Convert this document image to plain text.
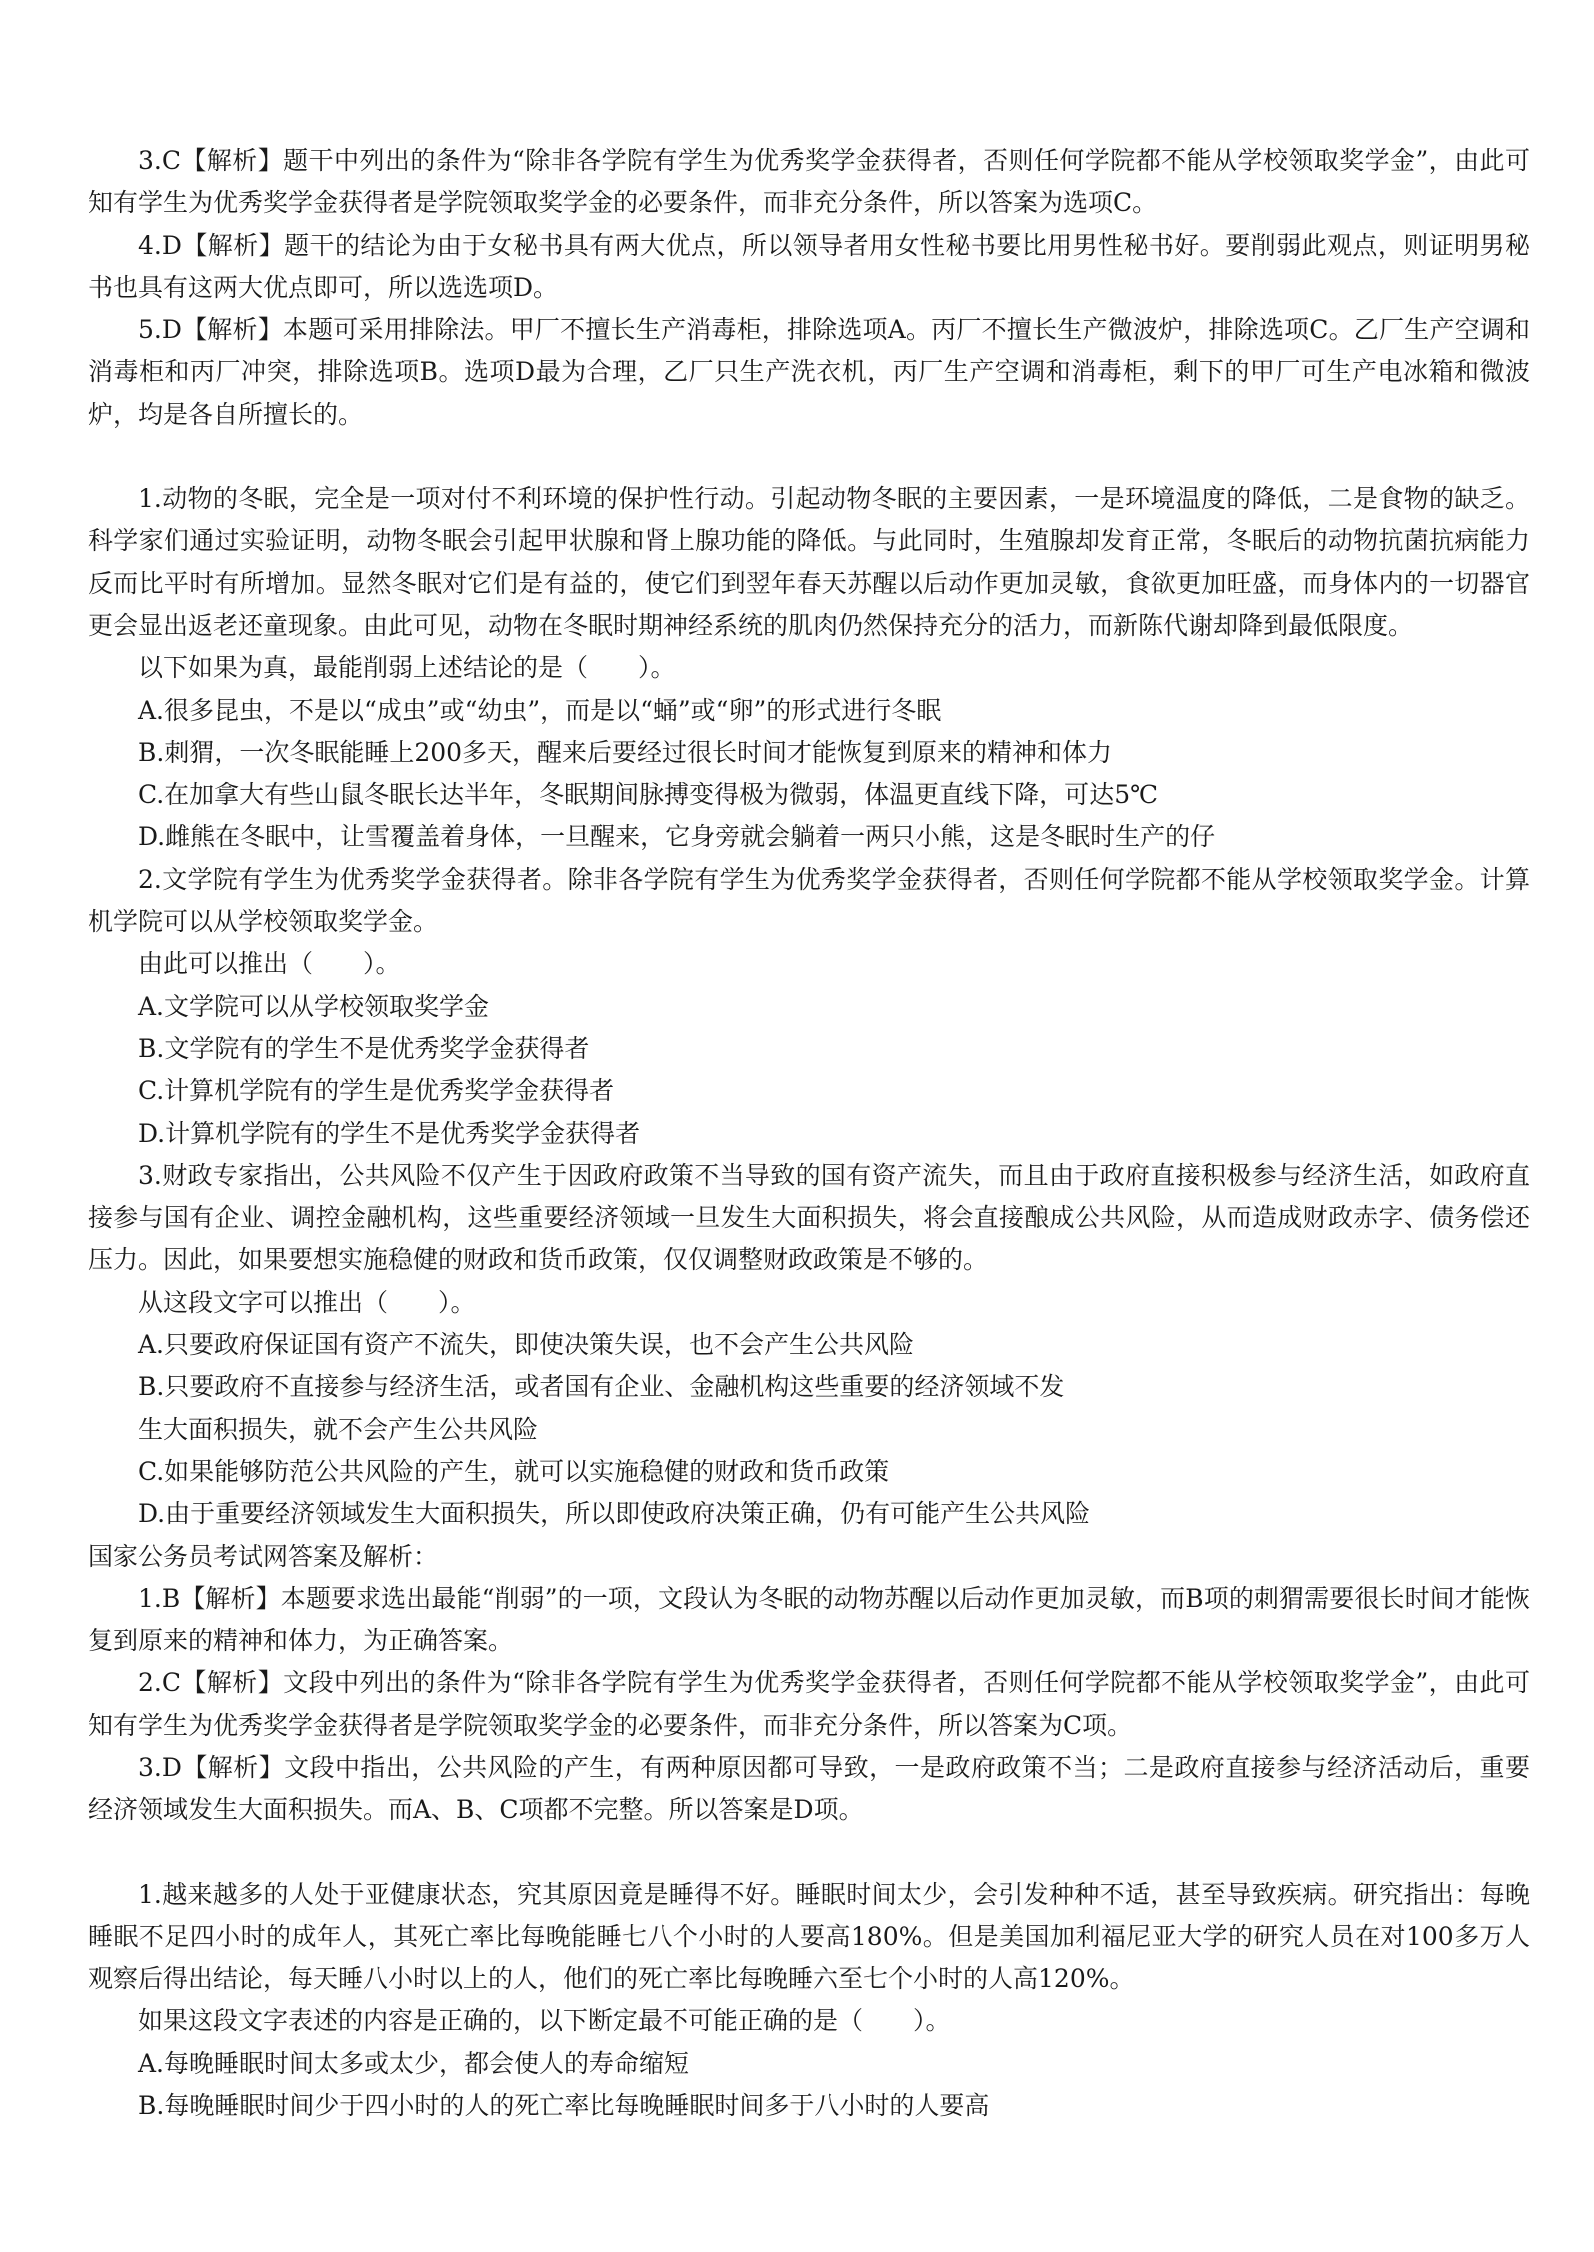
3.C【解析】题干中列出的条件为“除非各学院有学生为优秀奖学金获得者，否则任何学院都不能从学校领取奖学金”，由此可知有学生为优秀奖学金获得者是学院领取奖学金的必要条件，而非充分条件，所以答案为选项C。

4.D【解析】题干的结论为由于女秘书具有两大优点，所以领导者用女性秘书要比用男性秘书好。要削弱此观点，则证明男秘书也具有这两大优点即可，所以选选项D。

5.D【解析】本题可采用排除法。甲厂不擅长生产消毒柜，排除选项A。丙厂不擅长生产微波炉，排除选项C。乙厂生产空调和消毒柜和丙厂冲突，排除选项B。选项D最为合理，乙厂只生产洗衣机，丙厂生产空调和消毒柜，剩下的甲厂可生产电冰箱和微波炉，均是各自所擅长的。

1.动物的冬眠，完全是一项对付不利环境的保护性行动。引起动物冬眠的主要因素，一是环境温度的降低，二是食物的缺乏。科学家们通过实验证明，动物冬眠会引起甲状腺和肾上腺功能的降低。与此同时，生殖腺却发育正常，冬眠后的动物抗菌抗病能力反而比平时有所增加。显然冬眠对它们是有益的，使它们到翌年春天苏醒以后动作更加灵敏，食欲更加旺盛，而身体内的一切器官更会显出返老还童现象。由此可见，动物在冬眠时期神经系统的肌肉仍然保持充分的活力，而新陈代谢却降到最低限度。

以下如果为真，最能削弱上述结论的是（　　）。

A.很多昆虫，不是以“成虫”或“幼虫”，而是以“蛹”或“卵”的形式进行冬眠

B.刺猬，一次冬眠能睡上200多天，醒来后要经过很长时间才能恢复到原来的精神和体力

C.在加拿大有些山鼠冬眠长达半年，冬眠期间脉搏变得极为微弱，体温更直线下降，可达5℃

D.雌熊在冬眠中，让雪覆盖着身体，一旦醒来，它身旁就会躺着一两只小熊，这是冬眠时生产的仔

2.文学院有学生为优秀奖学金获得者。除非各学院有学生为优秀奖学金获得者，否则任何学院都不能从学校领取奖学金。计算机学院可以从学校领取奖学金。

由此可以推出（　　）。

A.文学院可以从学校领取奖学金

B.文学院有的学生不是优秀奖学金获得者

C.计算机学院有的学生是优秀奖学金获得者

D.计算机学院有的学生不是优秀奖学金获得者

3.财政专家指出，公共风险不仅产生于因政府政策不当导致的国有资产流失，而且由于政府直接积极参与经济生活，如政府直接参与国有企业、调控金融机构，这些重要经济领域一旦发生大面积损失，将会直接酿成公共风险，从而造成财政赤字、债务偿还压力。因此，如果要想实施稳健的财政和货币政策，仅仅调整财政政策是不够的。

从这段文字可以推出（　　）。

A.只要政府保证国有资产不流失，即使决策失误，也不会产生公共风险

B.只要政府不直接参与经济生活，或者国有企业、金融机构这些重要的经济领域不发

生大面积损失，就不会产生公共风险

C.如果能够防范公共风险的产生，就可以实施稳健的财政和货币政策

D.由于重要经济领域发生大面积损失，所以即使政府决策正确，仍有可能产生公共风险

国家公务员考试网答案及解析：

1.B【解析】本题要求选出最能“削弱”的一项，文段认为冬眠的动物苏醒以后动作更加灵敏，而B项的刺猬需要很长时间才能恢复到原来的精神和体力，为正确答案。

2.C【解析】文段中列出的条件为“除非各学院有学生为优秀奖学金获得者，否则任何学院都不能从学校领取奖学金”，由此可知有学生为优秀奖学金获得者是学院领取奖学金的必要条件，而非充分条件，所以答案为C项。

3.D【解析】文段中指出，公共风险的产生，有两种原因都可导致，一是政府政策不当；二是政府直接参与经济活动后，重要经济领域发生大面积损失。而A、B、C项都不完整。所以答案是D项。

1.越来越多的人处于亚健康状态，究其原因竟是睡得不好。睡眠时间太少，会引发种种不适，甚至导致疾病。研究指出：每晚睡眠不足四小时的成年人，其死亡率比每晚能睡七八个小时的人要高180%。但是美国加利福尼亚大学的研究人员在对100多万人观察后得出结论，每天睡八小时以上的人，他们的死亡率比每晚睡六至七个小时的人高120%。

如果这段文字表述的内容是正确的，以下断定最不可能正确的是（　　）。

A.每晚睡眠时间太多或太少，都会使人的寿命缩短

B.每晚睡眠时间少于四小时的人的死亡率比每晚睡眠时间多于八小时的人要高
